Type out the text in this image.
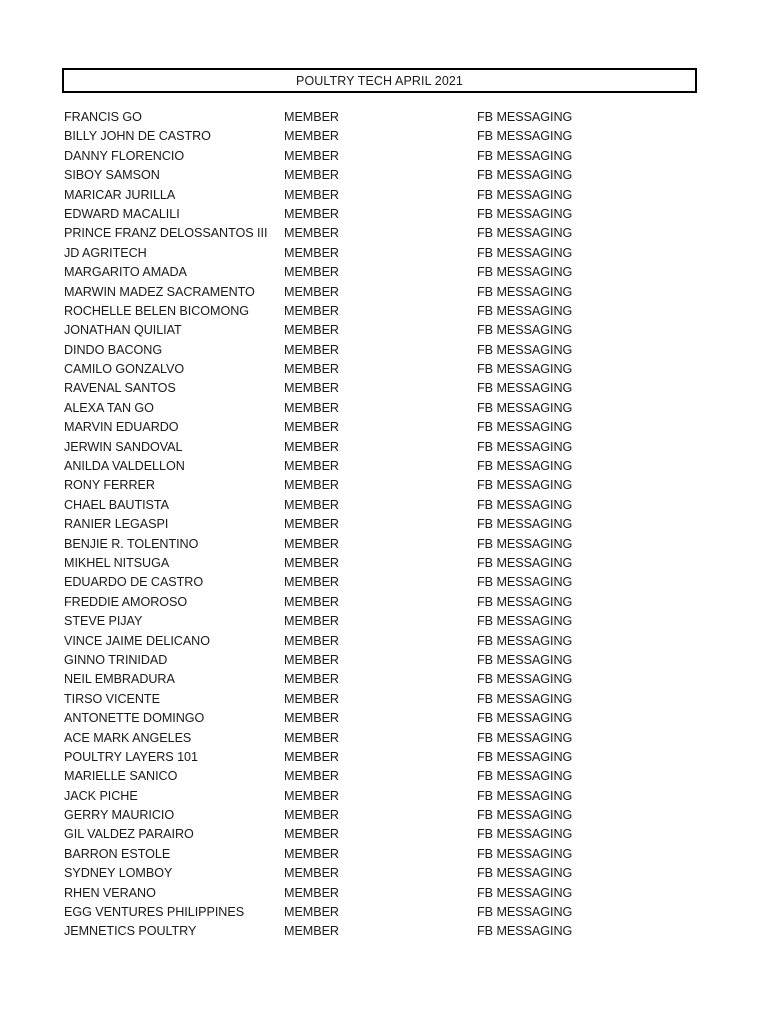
POULTRY TECH APRIL 2021
FRANCIS GO	MEMBER	FB MESSAGING
BILLY JOHN DE CASTRO	MEMBER	FB MESSAGING
DANNY FLORENCIO	MEMBER	FB MESSAGING
SIBOY SAMSON	MEMBER	FB MESSAGING
MARICAR JURILLA	MEMBER	FB MESSAGING
EDWARD MACALILI	MEMBER	FB MESSAGING
PRINCE FRANZ DELOSSANTOS III	MEMBER	FB MESSAGING
JD AGRITECH	MEMBER	FB MESSAGING
MARGARITO AMADA	MEMBER	FB MESSAGING
MARWIN MADEZ SACRAMENTO	MEMBER	FB MESSAGING
ROCHELLE BELEN BICOMONG	MEMBER	FB MESSAGING
JONATHAN QUILIAT	MEMBER	FB MESSAGING
DINDO BACONG	MEMBER	FB MESSAGING
CAMILO GONZALVO	MEMBER	FB MESSAGING
RAVENAL SANTOS	MEMBER	FB MESSAGING
ALEXA TAN GO	MEMBER	FB MESSAGING
MARVIN EDUARDO	MEMBER	FB MESSAGING
JERWIN SANDOVAL	MEMBER	FB MESSAGING
ANILDA VALDELLON	MEMBER	FB MESSAGING
RONY FERRER	MEMBER	FB MESSAGING
CHAEL BAUTISTA	MEMBER	FB MESSAGING
RANIER LEGASPI	MEMBER	FB MESSAGING
BENJIE R. TOLENTINO	MEMBER	FB MESSAGING
MIKHEL NITSUGA	MEMBER	FB MESSAGING
EDUARDO DE CASTRO	MEMBER	FB MESSAGING
FREDDIE AMOROSO	MEMBER	FB MESSAGING
STEVE PIJAY	MEMBER	FB MESSAGING
VINCE JAIME DELICANO	MEMBER	FB MESSAGING
GINNO TRINIDAD	MEMBER	FB MESSAGING
NEIL EMBRADURA	MEMBER	FB MESSAGING
TIRSO VICENTE	MEMBER	FB MESSAGING
ANTONETTE DOMINGO	MEMBER	FB MESSAGING
ACE MARK ANGELES	MEMBER	FB MESSAGING
POULTRY LAYERS 101	MEMBER	FB MESSAGING
MARIELLE SANICO	MEMBER	FB MESSAGING
JACK PICHE	MEMBER	FB MESSAGING
GERRY MAURICIO	MEMBER	FB MESSAGING
GIL VALDEZ PARAIRO	MEMBER	FB MESSAGING
BARRON ESTOLE	MEMBER	FB MESSAGING
SYDNEY LOMBOY	MEMBER	FB MESSAGING
RHEN VERANO	MEMBER	FB MESSAGING
EGG VENTURES PHILIPPINES	MEMBER	FB MESSAGING
JEMNETICS POULTRY	MEMBER	FB MESSAGING
